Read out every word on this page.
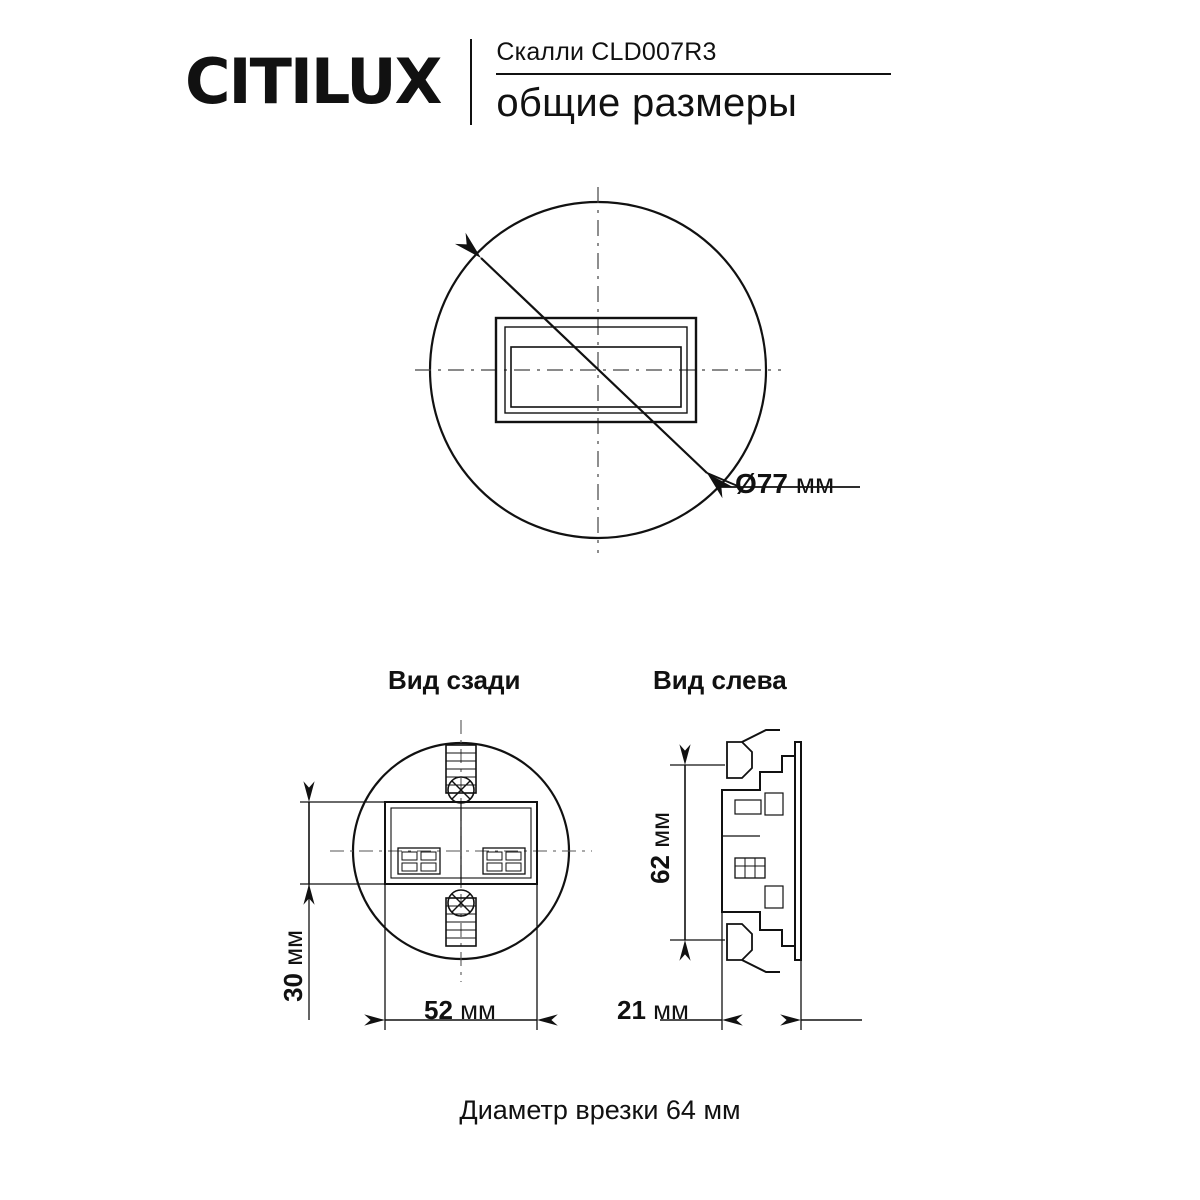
CITILUX Скалли CLD007R3
общие размеры
Вид сзади	Вид слева
Ø77 мм
52 мм	21 мм
62 мм
30 мм
Диаметр врезки 64 мм
